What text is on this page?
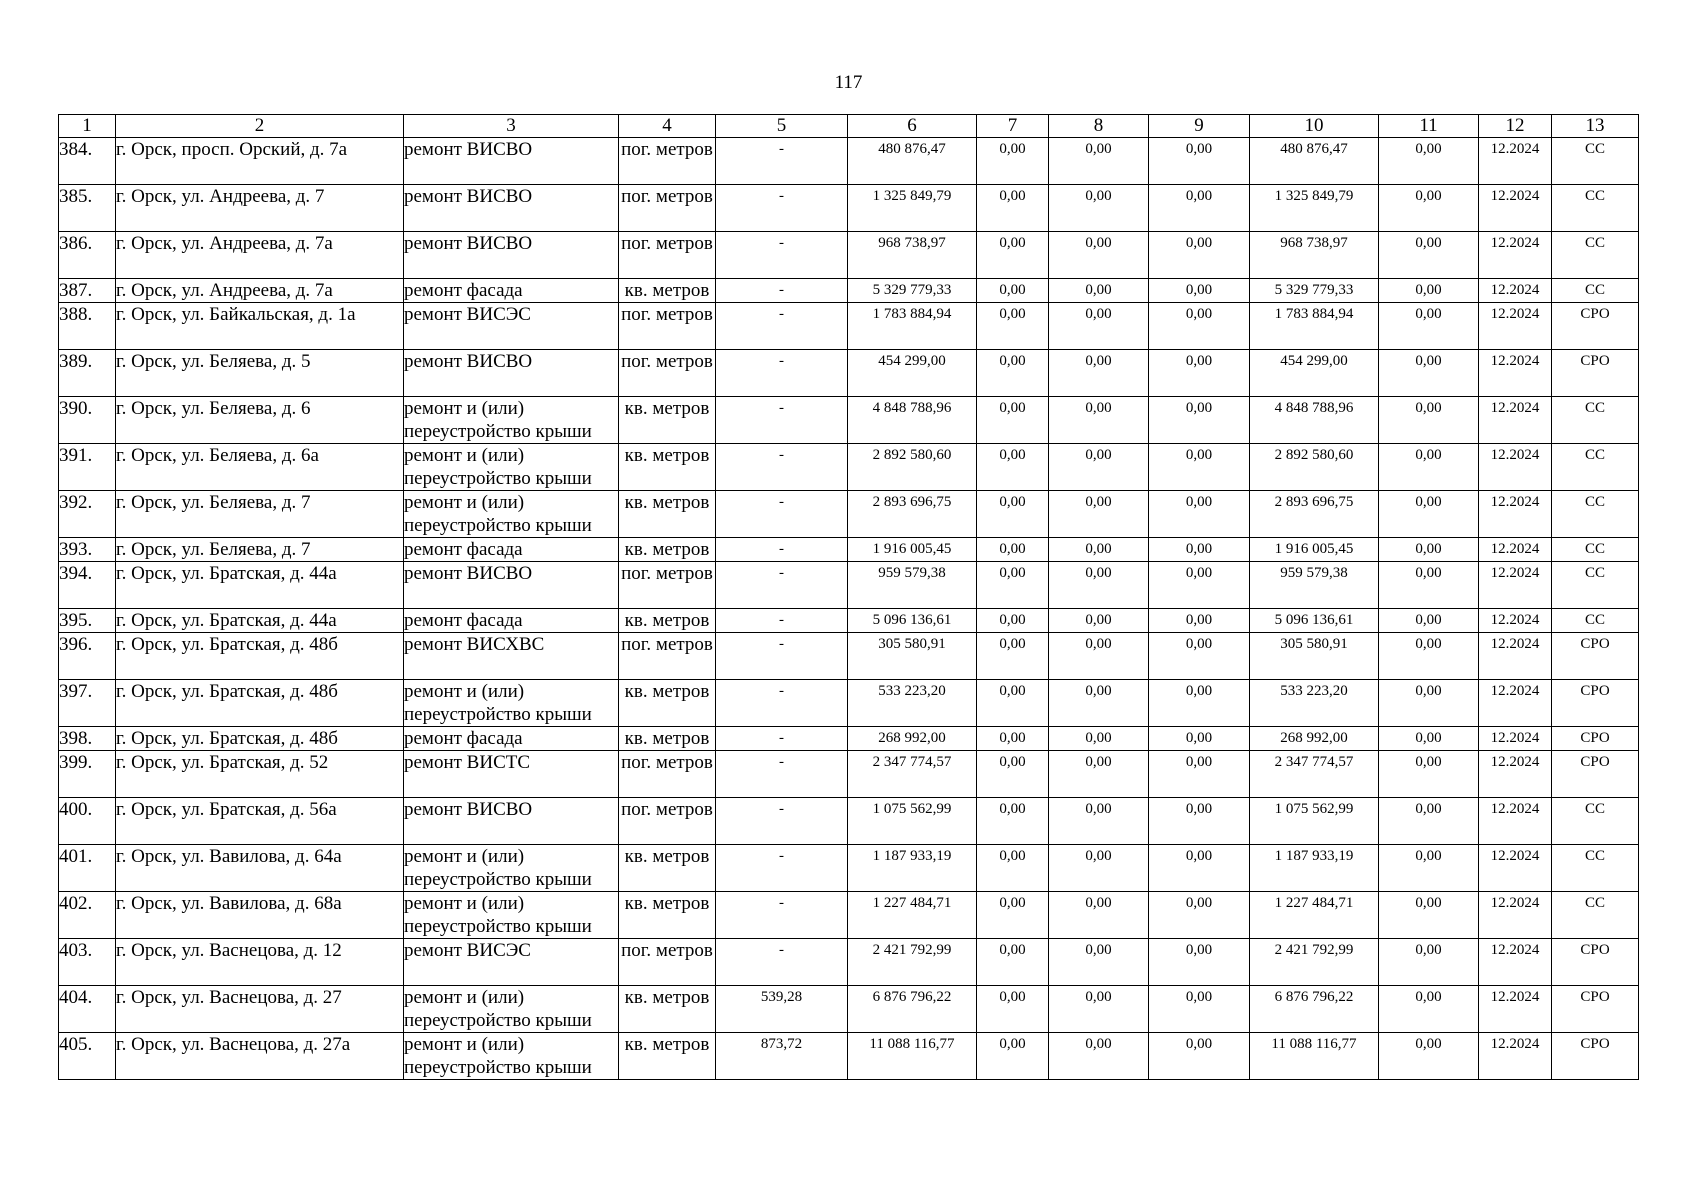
117
1	2	3	4	5	6	7	8	9	10	11	12	13
384.	г. Орск, просп. Орский, д. 7а	ремонт ВИСВО	пог. метров	-	480 876,47	0,00	0,00	0,00	480 876,47	0,00	12.2024	СС
385.	г. Орск, ул. Андреева, д. 7	ремонт ВИСВО	пог. метров	-	1 325 849,79	0,00	0,00	0,00	1 325 849,79	0,00	12.2024	СС
386.	г. Орск, ул. Андреева, д. 7а	ремонт ВИСВО	пог. метров	-	968 738,97	0,00	0,00	0,00	968 738,97	0,00	12.2024	СС
387.	г. Орск, ул. Андреева, д. 7а	ремонт фасада	кв. метров	-	5 329 779,33	0,00	0,00	0,00	5 329 779,33	0,00	12.2024	СС
388.	г. Орск, ул. Байкальская, д. 1а	ремонт ВИСЭС	пог. метров	-	1 783 884,94	0,00	0,00	0,00	1 783 884,94	0,00	12.2024	СРО
389.	г. Орск, ул. Беляева, д. 5	ремонт ВИСВО	пог. метров	-	454 299,00	0,00	0,00	0,00	454 299,00	0,00	12.2024	СРО
390.	г. Орск, ул. Беляева, д. 6	ремонт и (или) переустройство крыши	кв. метров	-	4 848 788,96	0,00	0,00	0,00	4 848 788,96	0,00	12.2024	СС
391.	г. Орск, ул. Беляева, д. 6а	ремонт и (или) переустройство крыши	кв. метров	-	2 892 580,60	0,00	0,00	0,00	2 892 580,60	0,00	12.2024	СС
392.	г. Орск, ул. Беляева, д. 7	ремонт и (или) переустройство крыши	кв. метров	-	2 893 696,75	0,00	0,00	0,00	2 893 696,75	0,00	12.2024	СС
393.	г. Орск, ул. Беляева, д. 7	ремонт фасада	кв. метров	-	1 916 005,45	0,00	0,00	0,00	1 916 005,45	0,00	12.2024	СС
394.	г. Орск, ул. Братская, д. 44а	ремонт ВИСВО	пог. метров	-	959 579,38	0,00	0,00	0,00	959 579,38	0,00	12.2024	СС
395.	г. Орск, ул. Братская, д. 44а	ремонт фасада	кв. метров	-	5 096 136,61	0,00	0,00	0,00	5 096 136,61	0,00	12.2024	СС
396.	г. Орск, ул. Братская, д. 48б	ремонт ВИСХВС	пог. метров	-	305 580,91	0,00	0,00	0,00	305 580,91	0,00	12.2024	СРО
397.	г. Орск, ул. Братская, д. 48б	ремонт и (или) переустройство крыши	кв. метров	-	533 223,20	0,00	0,00	0,00	533 223,20	0,00	12.2024	СРО
398.	г. Орск, ул. Братская, д. 48б	ремонт фасада	кв. метров	-	268 992,00	0,00	0,00	0,00	268 992,00	0,00	12.2024	СРО
399.	г. Орск, ул. Братская, д. 52	ремонт ВИСТС	пог. метров	-	2 347 774,57	0,00	0,00	0,00	2 347 774,57	0,00	12.2024	СРО
400.	г. Орск, ул. Братская, д. 56а	ремонт ВИСВО	пог. метров	-	1 075 562,99	0,00	0,00	0,00	1 075 562,99	0,00	12.2024	СС
401.	г. Орск, ул. Вавилова, д. 64а	ремонт и (или) переустройство крыши	кв. метров	-	1 187 933,19	0,00	0,00	0,00	1 187 933,19	0,00	12.2024	СС
402.	г. Орск, ул. Вавилова, д. 68а	ремонт и (или) переустройство крыши	кв. метров	-	1 227 484,71	0,00	0,00	0,00	1 227 484,71	0,00	12.2024	СС
403.	г. Орск, ул. Васнецова, д. 12	ремонт ВИСЭС	пог. метров	-	2 421 792,99	0,00	0,00	0,00	2 421 792,99	0,00	12.2024	СРО
404.	г. Орск, ул. Васнецова, д. 27	ремонт и (или) переустройство крыши	кв. метров	539,28	6 876 796,22	0,00	0,00	0,00	6 876 796,22	0,00	12.2024	СРО
405.	г. Орск, ул. Васнецова, д. 27а	ремонт и (или) переустройство крыши	кв. метров	873,72	11 088 116,77	0,00	0,00	0,00	11 088 116,77	0,00	12.2024	СРО
